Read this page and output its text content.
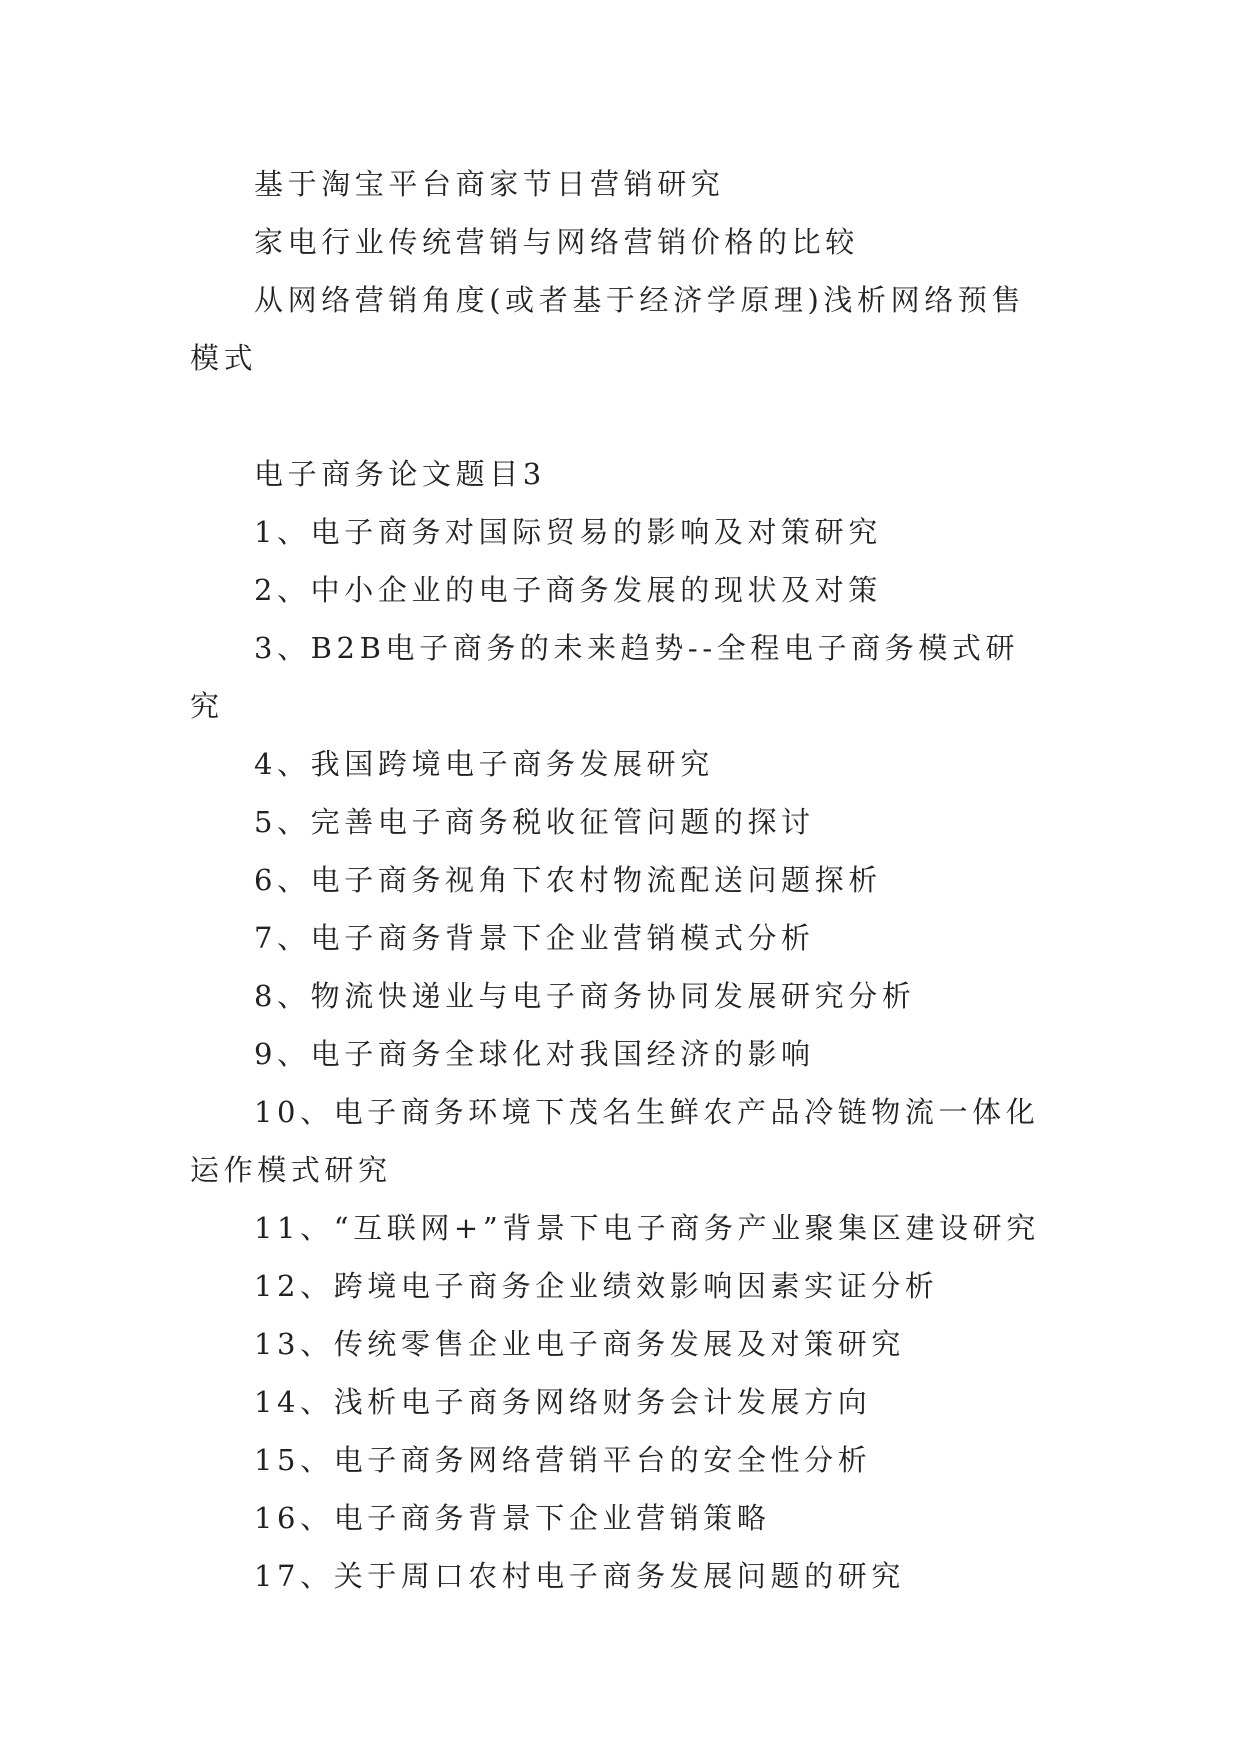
基于淘宝平台商家节日营销研究

家电行业传统营销与网络营销价格的比较

从网络营销角度(或者基于经济学原理)浅析网络预售模式

电子商务论文题目3

1、电子商务对国际贸易的影响及对策研究
2、中小企业的电子商务发展的现状及对策
3、B2B电子商务的未来趋势--全程电子商务模式研究
4、我国跨境电子商务发展研究
5、完善电子商务税收征管问题的探讨
6、电子商务视角下农村物流配送问题探析
7、电子商务背景下企业营销模式分析
8、物流快递业与电子商务协同发展研究分析
9、电子商务全球化对我国经济的影响
10、电子商务环境下茂名生鲜农产品冷链物流一体化运作模式研究
11、“互联网+”背景下电子商务产业聚集区建设研究
12、跨境电子商务企业绩效影响因素实证分析
13、传统零售企业电子商务发展及对策研究
14、浅析电子商务网络财务会计发展方向
15、电子商务网络营销平台的安全性分析
16、电子商务背景下企业营销策略
17、关于周口农村电子商务发展问题的研究
